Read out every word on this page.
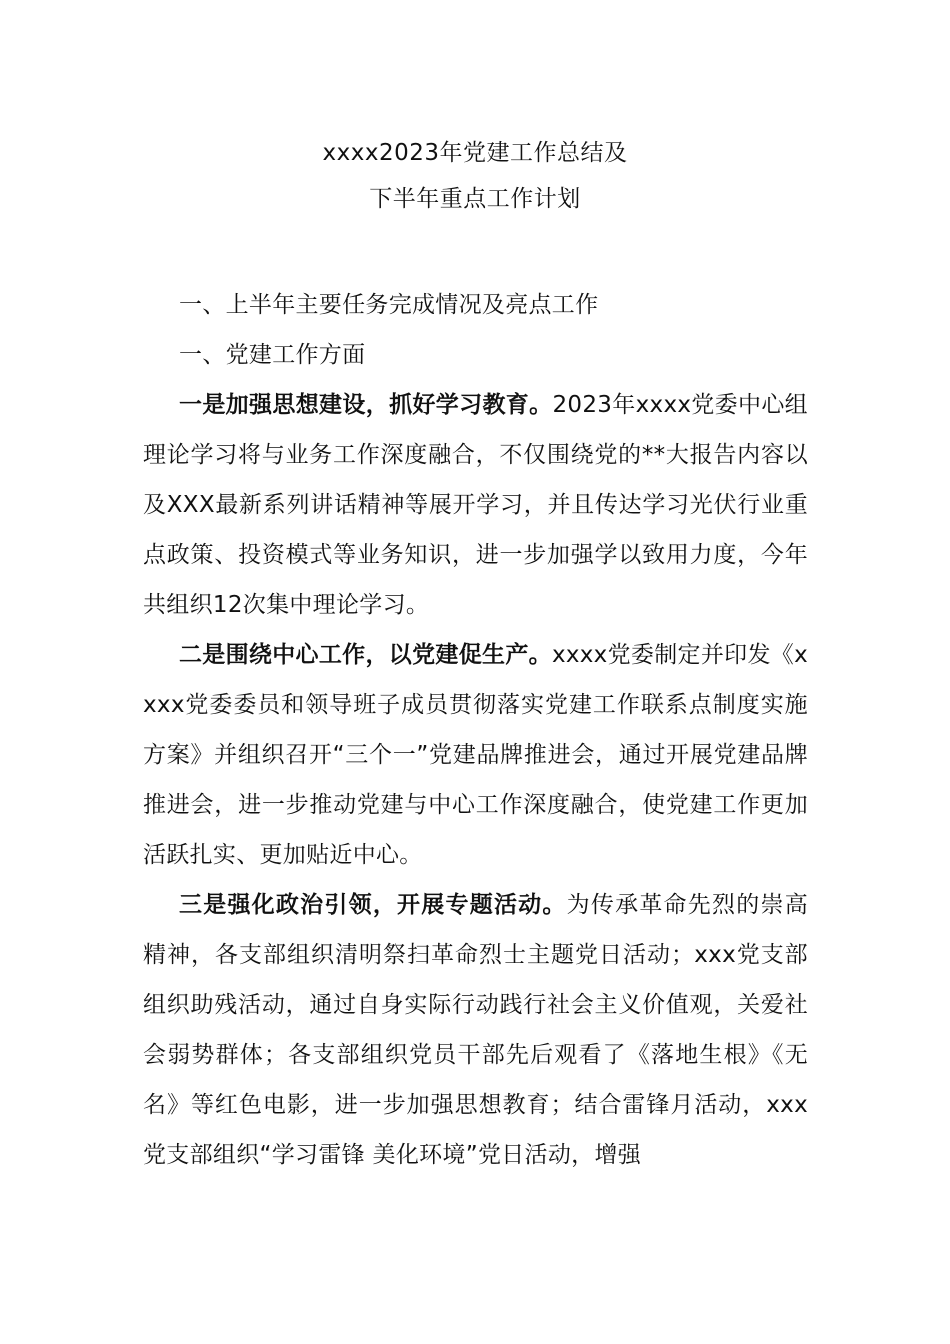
xxxx2023年党建工作总结及
下半年重点工作计划

一、上半年主要任务完成情况及亮点工作

一、党建工作方面

一是加强思想建设，抓好学习教育。2023年xxxx党委中心组理论学习将与业务工作深度融合，不仅围绕党的**大报告内容以及XXX最新系列讲话精神等展开学习，并且传达学习光伏行业重点政策、投资模式等业务知识，进一步加强学以致用力度，今年共组织12次集中理论学习。

二是围绕中心工作，以党建促生产。xxxx党委制定并印发《xxxx党委委员和领导班子成员贯彻落实党建工作联系点制度实施方案》并组织召开“三个一”党建品牌推进会，通过开展党建品牌推进会，进一步推动党建与中心工作深度融合，使党建工作更加活跃扎实、更加贴近中心。

三是强化政治引领，开展专题活动。为传承革命先烈的崇高精神，各支部组织清明祭扫革命烈士主题党日活动；xxx党支部组织助残活动，通过自身实际行动践行社会主义价值观，关爱社会弱势群体；各支部组织党员干部先后观看了《落地生根》《无名》等红色电影，进一步加强思想教育；结合雷锋月活动，xxx党支部组织“学习雷锋 美化环境”党日活动，增强
